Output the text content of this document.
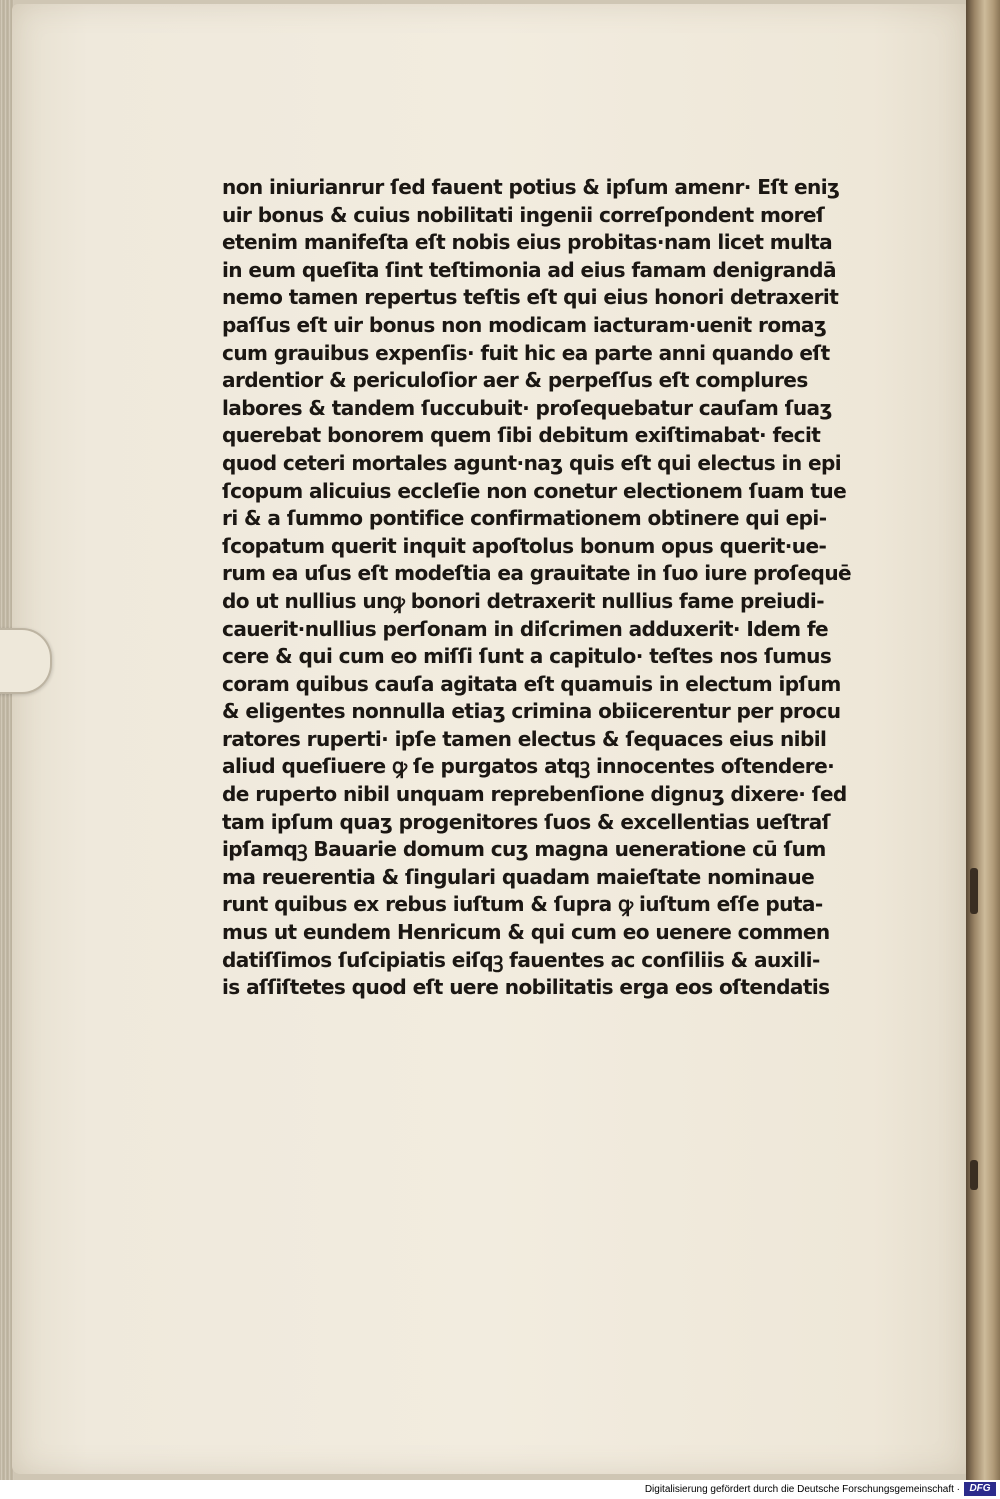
non iniurianrur ſed fauent potius & ipſum amenr· Eſt eniʒ
uir bonus & cuius nobilitati ingenii correſpondent moreſ
etenim manifeſta eſt nobis eius probitas·nam licet multa
in eum queſita ſint teſtimonia ad eius famam denigrandā
nemo tamen repertus teſtis eſt qui eius honori detraxerit
paſſus eſt uir bonus non modicam iacturam·uenit romaʒ
cum grauibus expenſis· fuit hic ea parte anni quando eſt
ardentior & periculoſior aer & perpeſſus eſt complures
labores & tandem ſuccubuit· proſequebatur cauſam ſuaʒ
querebat bonorem quem ſibi debitum exiſtimabat· fecit
quod ceteri mortales agunt·naʒ quis eſt qui electus in epi
ſcopum alicuius eccleſie non conetur electionem ſuam tue
ri & a ſummo pontifice confirmationem obtinere qui epi-
ſcopatum querit inquit apoſtolus bonum opus querit·ue-
rum ea uſus eſt modeſtia ea grauitate in ſuo iure proſequē
do ut nullius unꝙ bonori detraxerit nullius fame preiudi-
cauerit·nullius perſonam in diſcrimen adduxerit· Idem fe
cere & qui cum eo miſſi ſunt a capitulo· teſtes nos ſumus
coram quibus cauſa agitata eſt quamuis in electum ipſum
& eligentes nonnulla etiaʒ crimina obiicerentur per procu
ratores ruperti· ipſe tamen electus & ſequaces eius nibil
aliud queſiuere ꝙ ſe purgatos atqꝫ innocentes oſtendere·
de ruperto nibil unquam reprebenſione dignuʒ dixere· ſed
tam ipſum quaʒ progenitores ſuos & excellentias ueſtraſ
ipſamqꝫ Bauarie domum cuʒ magna ueneratione cū ſum
ma reuerentia & ſingulari quadam maieſtate nominaue
runt quibus ex rebus iuſtum & ſupra ꝙ iuſtum eſſe puta-
mus ut eundem Henricum & qui cum eo uenere commen
datiſſimos ſuſcipiatis eiſqꝫ fauentes ac conſiliis & auxili-
is aſſiſtetes quod eſt uere nobilitatis erga eos oſtendatis
Digitalisierung gefördert durch die Deutsche Forschungsgemeinschaft · DFG
